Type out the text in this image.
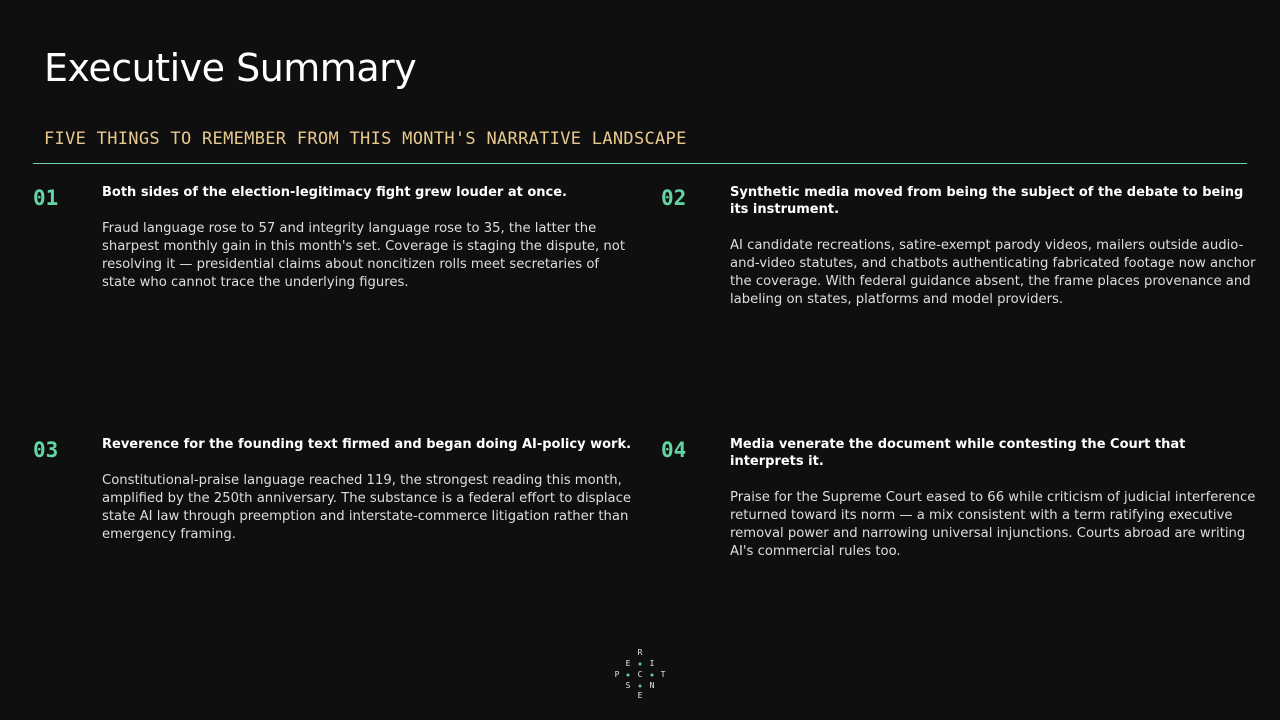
Executive Summary
FIVE THINGS TO REMEMBER FROM THIS MONTH'S NARRATIVE LANDSCAPE
01	Both sides of the election-legitimacy fight grew louder at once.

Fraud language rose to 57 and integrity language rose to 35, the latter the sharpest monthly gain in this month's set. Coverage is staging the dispute, not resolving it — presidential claims about noncitizen rolls meet secretaries of state who cannot trace the underlying figures.

02	Synthetic media moved from being the subject of the debate to being its instrument.

AI candidate recreations, satire-exempt parody videos, mailers outside audio-and-video statutes, and chatbots authenticating fabricated footage now anchor the coverage. With federal guidance absent, the frame places provenance and labeling on states, platforms and model providers.

03	Reverence for the founding text firmed and began doing AI-policy work.

Constitutional-praise language reached 119, the strongest reading this month, amplified by the 250th anniversary. The substance is a federal effort to displace state AI law through preemption and interstate-commerce litigation rather than emergency framing.

04	Media venerate the document while contesting the Court that interprets it.

Praise for the Supreme Court eased to 66 while criticism of judicial interference returned toward its norm — a mix consistent with a term ratifying executive removal power and narrowing universal injunctions. Courts abroad are writing AI's commercial rules too.

R
E I
P C T
S N
E
